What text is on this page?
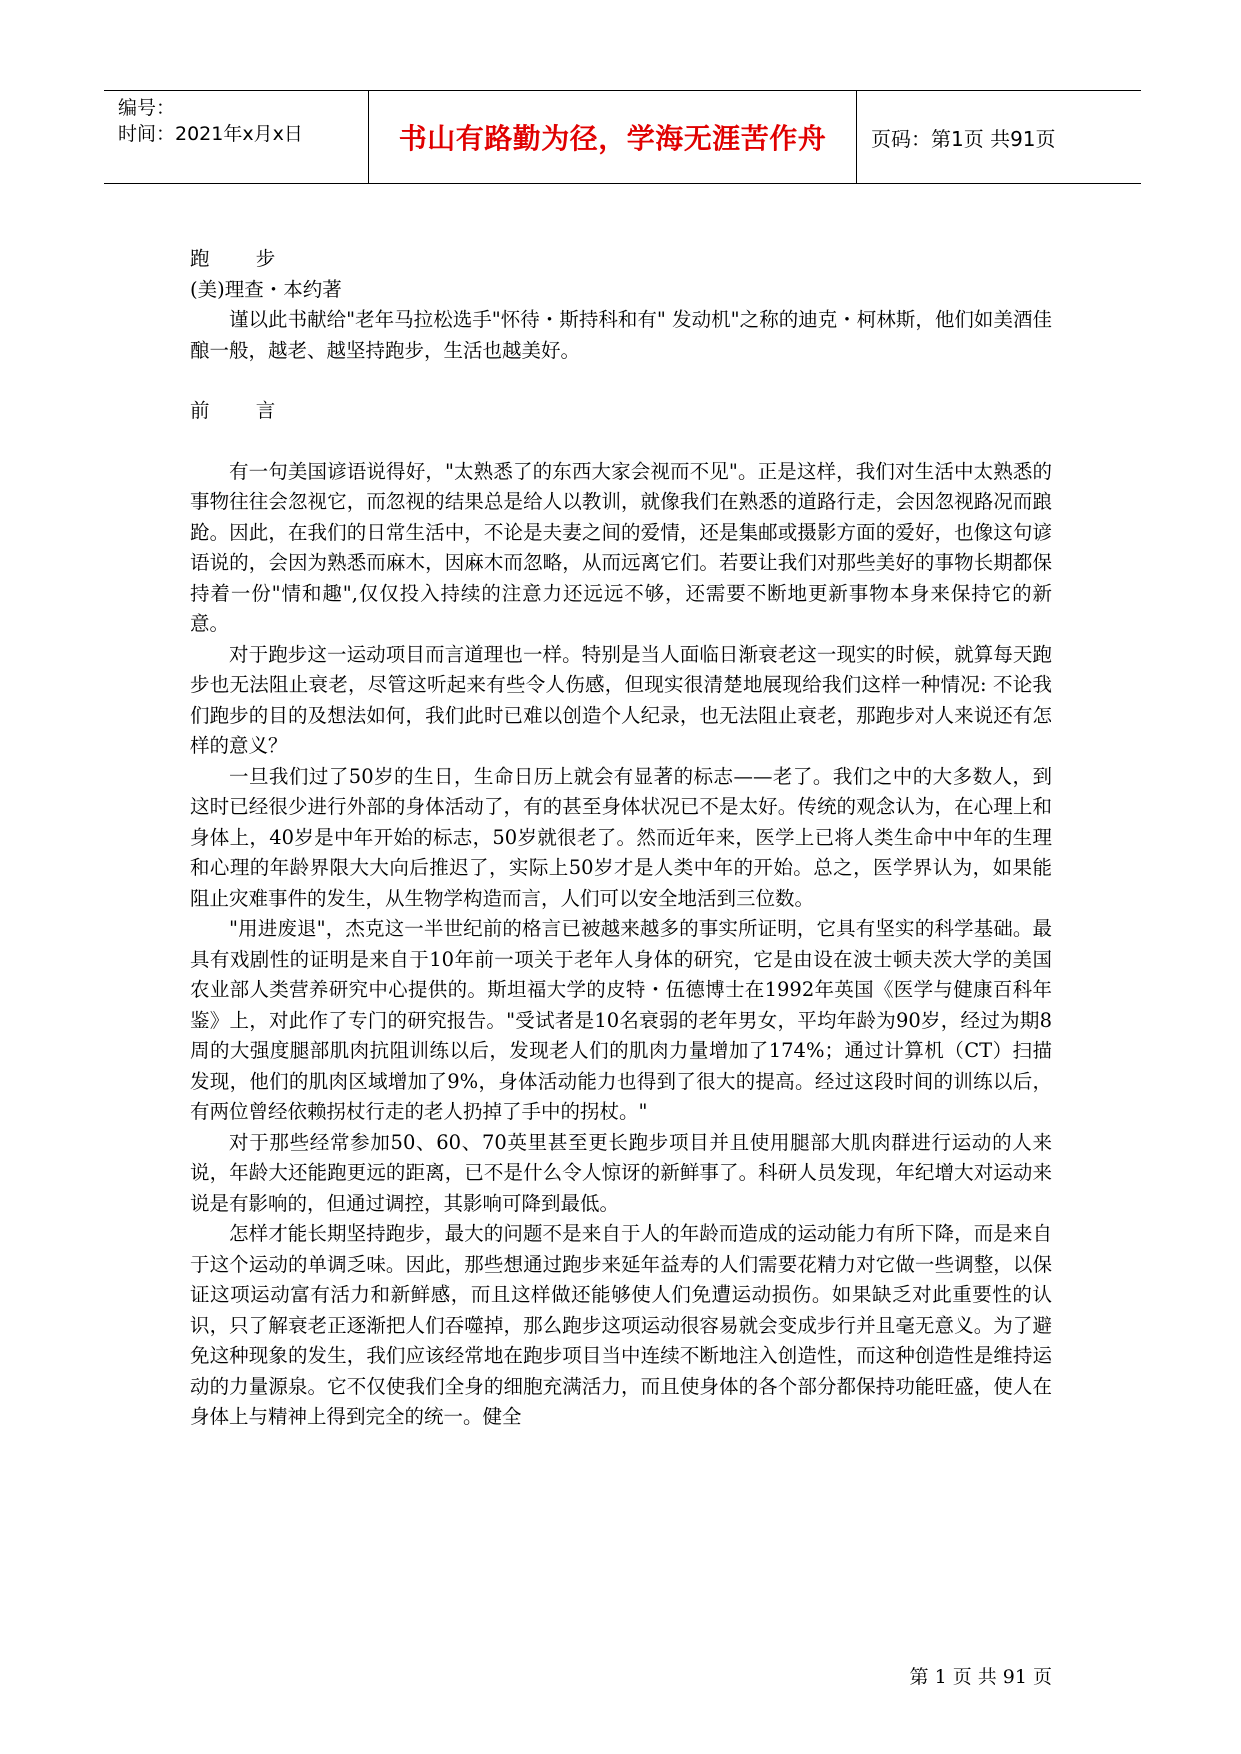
编号：
时间：2021年x月x日	书山有路勤为径，学海无涯苦作舟	页码：第1页 共91页

跑 步

(美)理查・本约著

谨以此书献给"老年马拉松选手"怀待・斯持科和有" 发动机"之称的迪克・柯林斯，他们如美酒佳酿一般，越老、越坚持跑步，生活也越美好。

前 言

有一句美国谚语说得好，"太熟悉了的东西大家会视而不见"。正是这样，我们对生活中太熟悉的事物往往会忽视它，而忽视的结果总是给人以教训，就像我们在熟悉的道路行走，会因忽视路况而踉跄。因此，在我们的日常生活中，不论是夫妻之间的爱情，还是集邮或摄影方面的爱好，也像这句谚语说的，会因为熟悉而麻木，因麻木而忽略，从而远离它们。若要让我们对那些美好的事物长期都保持着一份"情和趣",仅仅投入持续的注意力还远远不够，还需要不断地更新事物本身来保持它的新意。

对于跑步这一运动项目而言道理也一样。特别是当人面临日渐衰老这一现实的时候，就算每天跑步也无法阻止衰老，尽管这听起来有些令人伤感，但现实很清楚地展现给我们这样一种情况: 不论我们跑步的目的及想法如何，我们此时已难以创造个人纪录，也无法阻止衰老，那跑步对人来说还有怎样的意义？

一旦我们过了50岁的生日，生命日历上就会有显著的标志——老了。我们之中的大多数人，到这时已经很少进行外部的身体活动了，有的甚至身体状况已不是太好。传统的观念认为，在心理上和身体上，40岁是中年开始的标志，50岁就很老了。然而近年来，医学上已将人类生命中中年的生理和心理的年龄界限大大向后推迟了，实际上50岁才是人类中年的开始。总之，医学界认为，如果能阻止灾难事件的发生，从生物学构造而言，人们可以安全地活到三位数。

"用进废退"，杰克这一半世纪前的格言已被越来越多的事实所证明，它具有坚实的科学基础。最具有戏剧性的证明是来自于10年前一项关于老年人身体的研究，它是由设在波士顿夫茨大学的美国农业部人类营养研究中心提供的。斯坦福大学的皮特・伍德博士在1992年英国《医学与健康百科年鉴》上，对此作了专门的研究报告。"受试者是10名衰弱的老年男女，平均年龄为90岁，经过为期8周的大强度腿部肌肉抗阻训练以后，发现老人们的肌肉力量增加了174%；通过计算机（CT）扫描发现，他们的肌肉区域增加了9%，身体活动能力也得到了很大的提高。经过这段时间的训练以后，有两位曾经依赖拐杖行走的老人扔掉了手中的拐杖。"

对于那些经常参加50、60、70英里甚至更长跑步项目并且使用腿部大肌肉群进行运动的人来说，年龄大还能跑更远的距离，已不是什么令人惊讶的新鲜事了。科研人员发现，年纪增大对运动来说是有影响的，但通过调控，其影响可降到最低。

怎样才能长期坚持跑步，最大的问题不是来自于人的年龄而造成的运动能力有所下降，而是来自于这个运动的单调乏味。因此，那些想通过跑步来延年益寿的人们需要花精力对它做一些调整，以保证这项运动富有活力和新鲜感，而且这样做还能够使人们免遭运动损伤。如果缺乏对此重要性的认识，只了解衰老正逐渐把人们吞噬掉，那么跑步这项运动很容易就会变成步行并且毫无意义。为了避免这种现象的发生，我们应该经常地在跑步项目当中连续不断地注入创造性，而这种创造性是维持运动的力量源泉。它不仅使我们全身的细胞充满活力，而且使身体的各个部分都保持功能旺盛，使人在身体上与精神上得到完全的统一。健全

第 1 页 共 91 页
